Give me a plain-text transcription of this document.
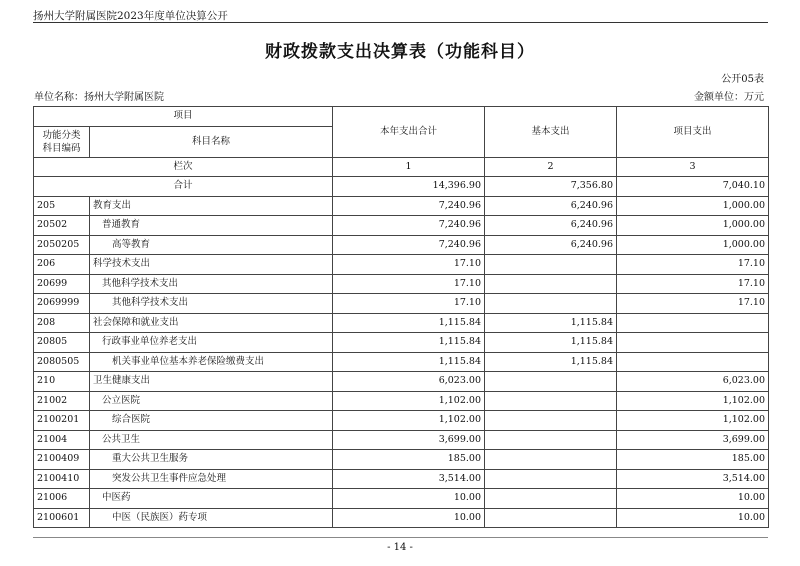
扬州大学附属医院2023年度单位决算公开
财政拨款支出决算表（功能科目）
公开05表
单位名称：扬州大学附属医院	金额单位：万元
项目		本年支出合计	基本支出	项目支出
功能分类
科目编码	科目名称			
栏次		1	2	3
合计		14,396.90	7,356.80	7,040.10
205	教育支出	7,240.96	6,240.96	1,000.00
20502	普通教育	7,240.96	6,240.96	1,000.00
2050205	高等教育	7,240.96	6,240.96	1,000.00
206	科学技术支出	17.10		17.10
20699	其他科学技术支出	17.10		17.10
2069999	其他科学技术支出	17.10		17.10
208	社会保障和就业支出	1,115.84	1,115.84	
20805	行政事业单位养老支出	1,115.84	1,115.84	
2080505	机关事业单位基本养老保险缴费支出	1,115.84	1,115.84	
210	卫生健康支出	6,023.00		6,023.00
21002	公立医院	1,102.00		1,102.00
2100201	综合医院	1,102.00		1,102.00
21004	公共卫生	3,699.00		3,699.00
2100409	重大公共卫生服务	185.00		185.00
2100410	突发公共卫生事件应急处理	3,514.00		3,514.00
21006	中医药	10.00		10.00
2100601	中医（民族医）药专项	10.00		10.00
- 14 -
